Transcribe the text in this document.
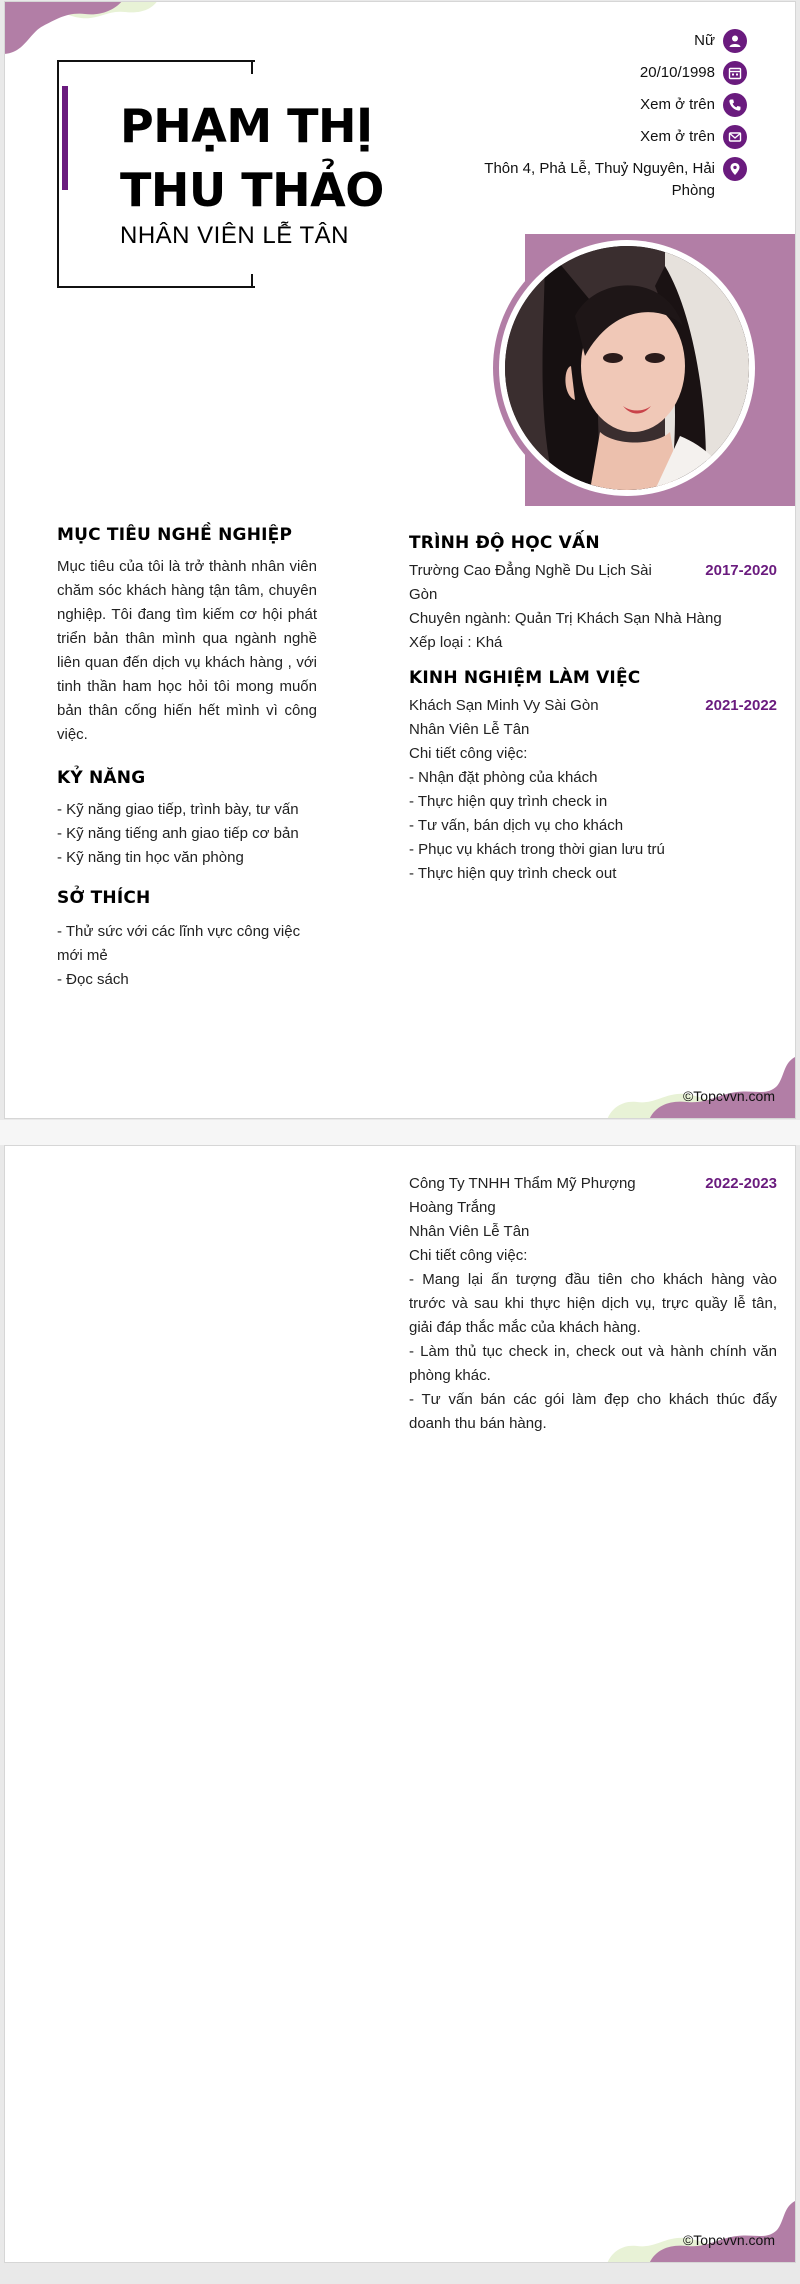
PHẠM THỊ
THU THẢO
NHÂN VIÊN LỄ TÂN
Nữ
20/10/1998
Xem ở trên
Xem ở trên
Thôn 4, Phả Lễ, Thuỷ Nguyên, Hải Phòng
MỤC TIÊU NGHỀ NGHIỆP

Mục tiêu của tôi là trở thành nhân viên chăm sóc khách hàng tận tâm, chuyên nghiệp. Tôi đang tìm kiếm cơ hội phát triển bản thân mình qua ngành nghề liên quan đến dịch vụ khách hàng , với tinh thần ham học hỏi tôi mong muốn bản thân cống hiến hết mình vì công việc.

KỶ NĂNG
- Kỹ năng giao tiếp, trình bày, tư vấn
- Kỹ năng tiếng anh giao tiếp cơ bản
- Kỹ năng tin học văn phòng
SỞ THÍCH
- Thử sức với các lĩnh vực công việc mới mẻ
- Đọc sách
TRÌNH ĐỘ HỌC VẤN
Trường Cao Đẳng Nghề Du Lịch Sài Gòn
2017-2020
Chuyên ngành: Quản Trị Khách Sạn Nhà Hàng
Xếp loại : Khá
KINH NGHIỆM LÀM VIỆC
Khách Sạn Minh Vy Sài Gòn	2021-2022
Nhân Viên Lễ Tân
Chi tiết công việc:
- Nhận đặt phòng của khách
- Thực hiện quy trình check in
- Tư vấn, bán dịch vụ cho khách
- Phục vụ khách trong thời gian lưu trú
- Thực hiện quy trình check out
©Topcvvn.com
Công Ty TNHH Thẩm Mỹ Phượng Hoàng Trắng
2022-2023
Nhân Viên Lễ Tân
Chi tiết công việc:
- Mang lại ấn tượng đầu tiên cho khách hàng vào trước và sau khi thực hiện dịch vụ, trực quầy lễ tân, giải đáp thắc mắc của khách hàng.
- Làm thủ tục check in, check out và hành chính văn phòng khác.
- Tư vấn bán các gói làm đẹp cho khách thúc đẩy doanh thu bán hàng.
©Topcvvn.com
